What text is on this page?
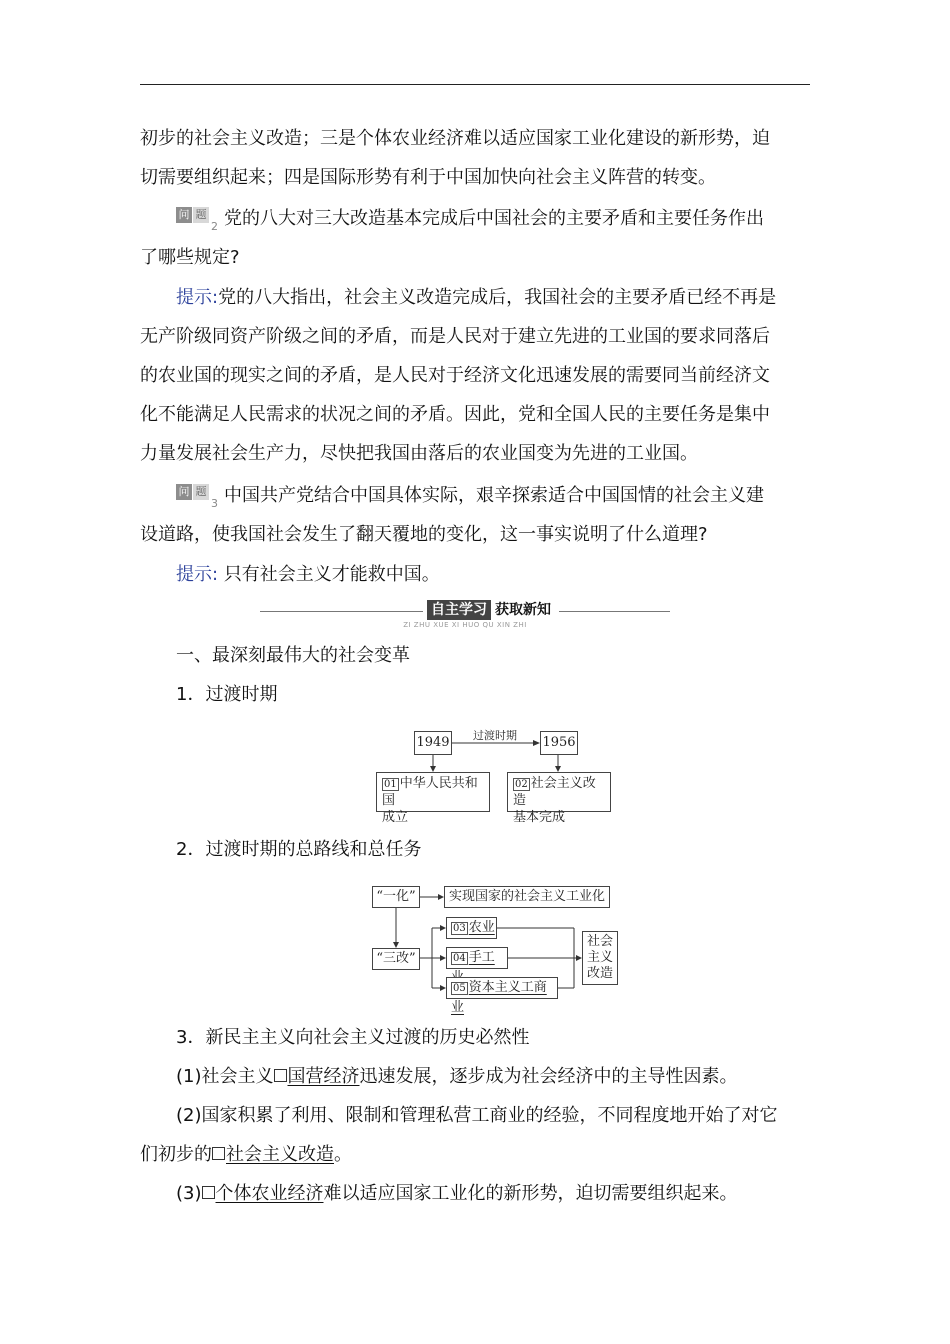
初步的社会主义改造；三是个体农业经济难以适应国家工业化建设的新形势，迫
切需要组织起来；四是国际形势有利于中国加快向社会主义阵营的转变。
问 题$^2$ 党的八大对三大改造基本完成后中国社会的主要矛盾和主要任务作出
了哪些规定?
提示:党的八大指出，社会主义改造完成后，我国社会的主要矛盾已经不再是
无产阶级同资产阶级之间的矛盾，而是人民对于建立先进的工业国的要求同落后
的农业国的现实之间的矛盾，是人民对于经济文化迅速发展的需要同当前经济文
化不能满足人民需求的状况之间的矛盾。因此，党和全国人民的主要任务是集中
力量发展社会生产力，尽快把我国由落后的农业国变为先进的工业国。
问 题$^3$ 中国共产党结合中国具体实际，艰辛探索适合中国国情的社会主义建
设道路，使我国社会发生了翻天覆地的变化，这一事实说明了什么道理?
提示: 只有社会主义才能救中国。
自主学习 获取新知
ZI ZHU XUE XI HUO QU XIN ZHI
一、最深刻最伟大的社会变革
1．过渡时期
过渡时期
1949	1956
01 中华人民共和国
成立
02 社会主义改造
基本完成
2．过渡时期的总路线和总任务
“一化”	实现国家的社会主义工业化
“三改”
03 农业
04 手工
05 资本主义工商业
社会
主义
改造
3．新民主主义向社会主义过渡的历史必然性
(1)社会主义 国营经济迅速发展，逐步成为社会经济中的主导性因素。
(2)国家积累了利用、限制和管理私营工商业的经验，不同程度地开始了对它
们初步的 社会主义改造。
(3) 个体农业经济难以适应国家工业化的新形势，迫切需要组织起来。
